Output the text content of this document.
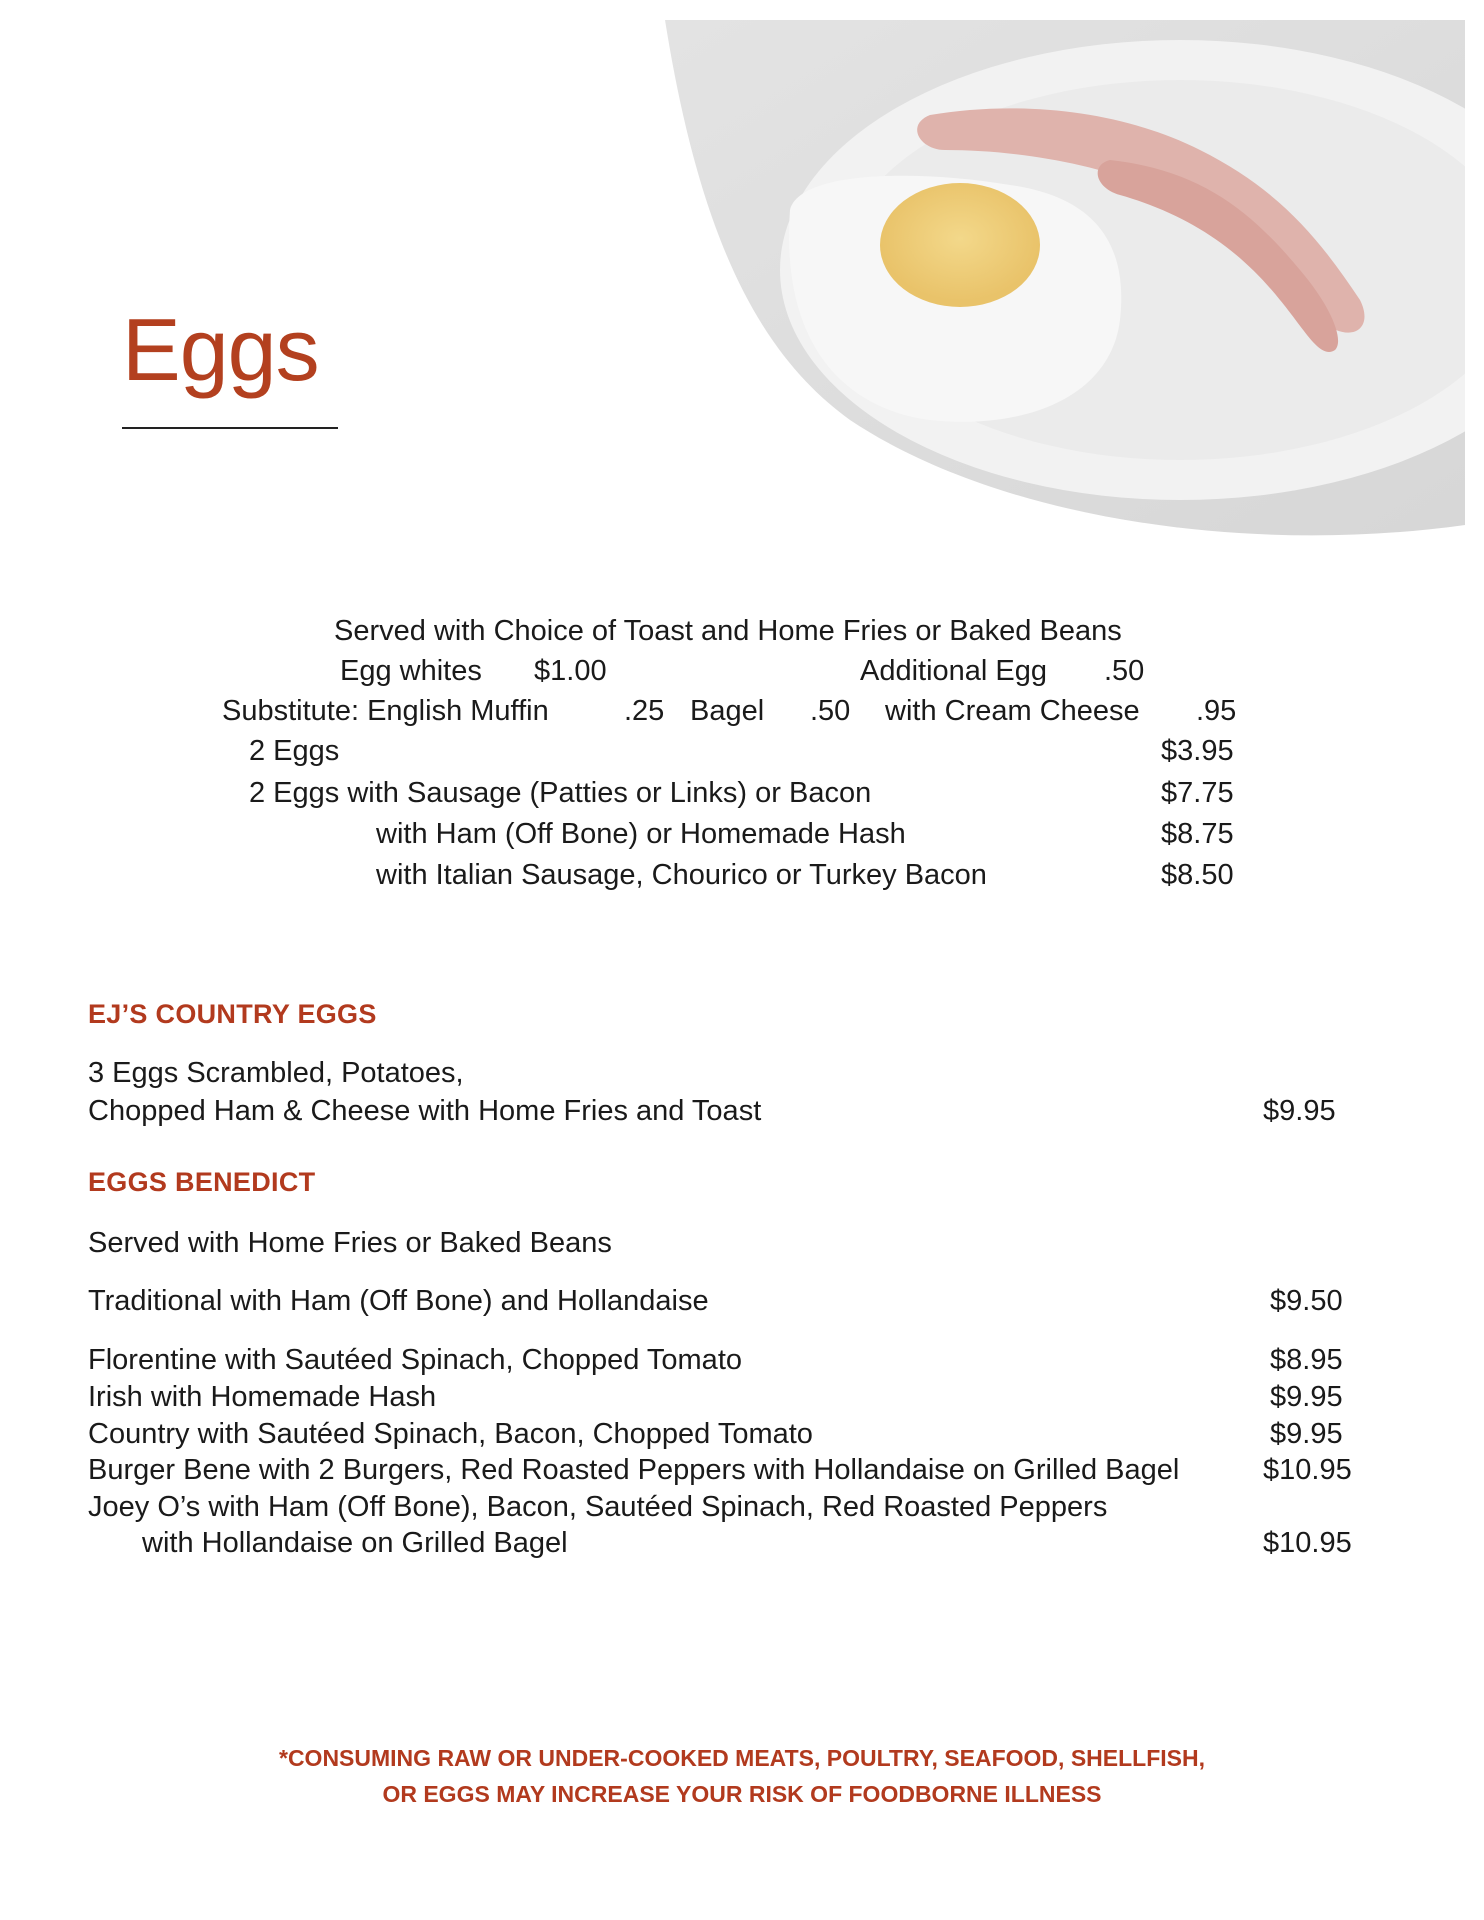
Eggs
Served with Choice of Toast and Home Fries or Baked Beans
Egg whites $1.00	Additional Egg .50
Substitute: English Muffin	.25 Bagel .50 with Cream Cheese .95
2 Eggs	$3.95
2 Eggs with Sausage (Patties or Links) or Bacon	$7.75
with Ham (Off Bone) or Homemade Hash	$8.75
with Italian Sausage, Chourico or Turkey Bacon	$8.50
EJ’S COUNTRY EGGS
3 Eggs Scrambled, Potatoes,
Chopped Ham & Cheese with Home Fries and Toast	$9.95
EGGS BENEDICT
Served with Home Fries or Baked Beans
Traditional with Ham (Off Bone) and Hollandaise	$9.50
Florentine with Sautéed Spinach, Chopped Tomato	$8.95
Irish with Homemade Hash	$9.95
Country with Sautéed Spinach, Bacon, Chopped Tomato	$9.95
Burger Bene with 2 Burgers, Red Roasted Peppers with Hollandaise on Grilled Bagel	$10.95
Joey O’s with Ham (Off Bone), Bacon, Sautéed Spinach, Red Roasted Peppers
with Hollandaise on Grilled Bagel	$10.95
*CONSUMING RAW OR UNDER-COOKED MEATS, POULTRY, SEAFOOD, SHELLFISH,
OR EGGS MAY INCREASE YOUR RISK OF FOODBORNE ILLNESS
